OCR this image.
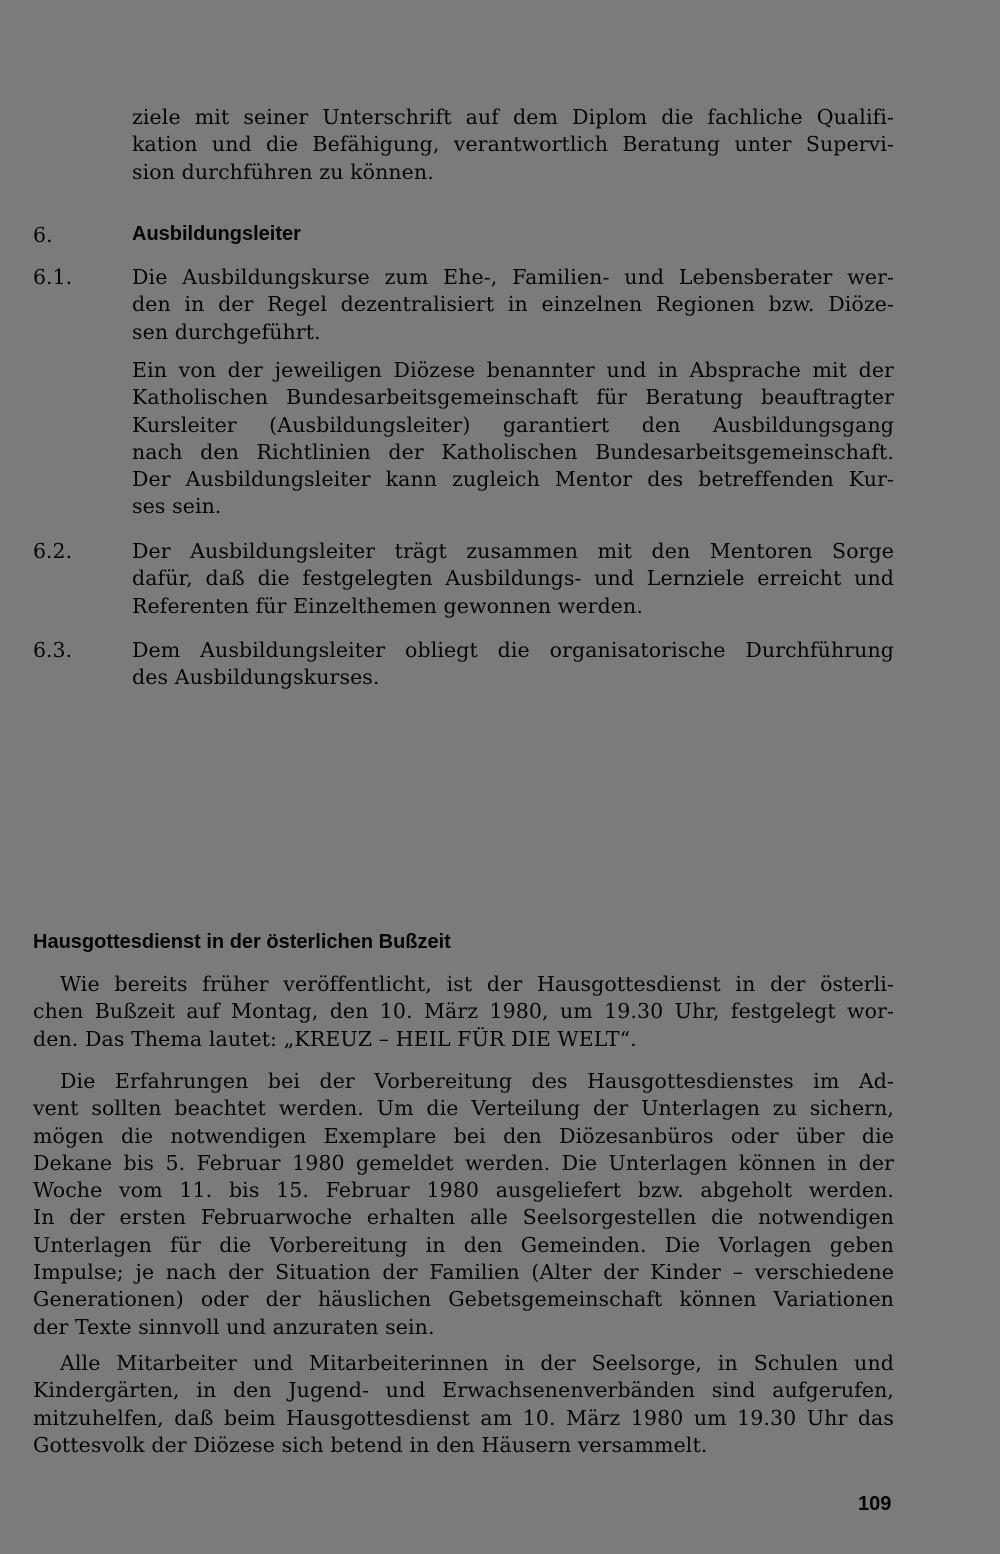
ziele mit seiner Unterschrift auf dem Diplom die fachliche Qualifi-
kation und die Befähigung, verantwortlich Beratung unter Supervi-
sion durchführen zu können.
6.	Ausbildungsleiter
6.1.	Die Ausbildungskurse zum Ehe-, Familien- und Lebensberater wer-
den in der Regel dezentralisiert in einzelnen Regionen bzw. Diöze-
sen durchgeführt.
Ein von der jeweiligen Diözese benannter und in Absprache mit der
Katholischen Bundesarbeitsgemeinschaft für Beratung beauftragter
Kursleiter (Ausbildungsleiter) garantiert den Ausbildungsgang
nach den Richtlinien der Katholischen Bundesarbeitsgemeinschaft.
Der Ausbildungsleiter kann zugleich Mentor des betreffenden Kur-
ses sein.
6.2.	Der Ausbildungsleiter trägt zusammen mit den Mentoren Sorge
dafür, daß die festgelegten Ausbildungs- und Lernziele erreicht und
Referenten für Einzelthemen gewonnen werden.
6.3.	Dem Ausbildungsleiter obliegt die organisatorische Durchführung
des Ausbildungskurses.
Hausgottesdienst in der österlichen Bußzeit
Wie bereits früher veröffentlicht, ist der Hausgottesdienst in der österli-
chen Bußzeit auf Montag, den 10. März 1980, um 19.30 Uhr, festgelegt wor-
den. Das Thema lautet: „KREUZ – HEIL FÜR DIE WELT“.
Die Erfahrungen bei der Vorbereitung des Hausgottesdienstes im Ad-
vent sollten beachtet werden. Um die Verteilung der Unterlagen zu sichern,
mögen die notwendigen Exemplare bei den Diözesanbüros oder über die
Dekane bis 5. Februar 1980 gemeldet werden. Die Unterlagen können in der
Woche vom 11. bis 15. Februar 1980 ausgeliefert bzw. abgeholt werden.
In der ersten Februarwoche erhalten alle Seelsorgestellen die notwendigen
Unterlagen für die Vorbereitung in den Gemeinden. Die Vorlagen geben
Impulse; je nach der Situation der Familien (Alter der Kinder – verschiedene
Generationen) oder der häuslichen Gebetsgemeinschaft können Variationen
der Texte sinnvoll und anzuraten sein.
Alle Mitarbeiter und Mitarbeiterinnen in der Seelsorge, in Schulen und
Kindergärten, in den Jugend- und Erwachsenenverbänden sind aufgerufen,
mitzuhelfen, daß beim Hausgottesdienst am 10. März 1980 um 19.30 Uhr das
Gottesvolk der Diözese sich betend in den Häusern versammelt.
109
